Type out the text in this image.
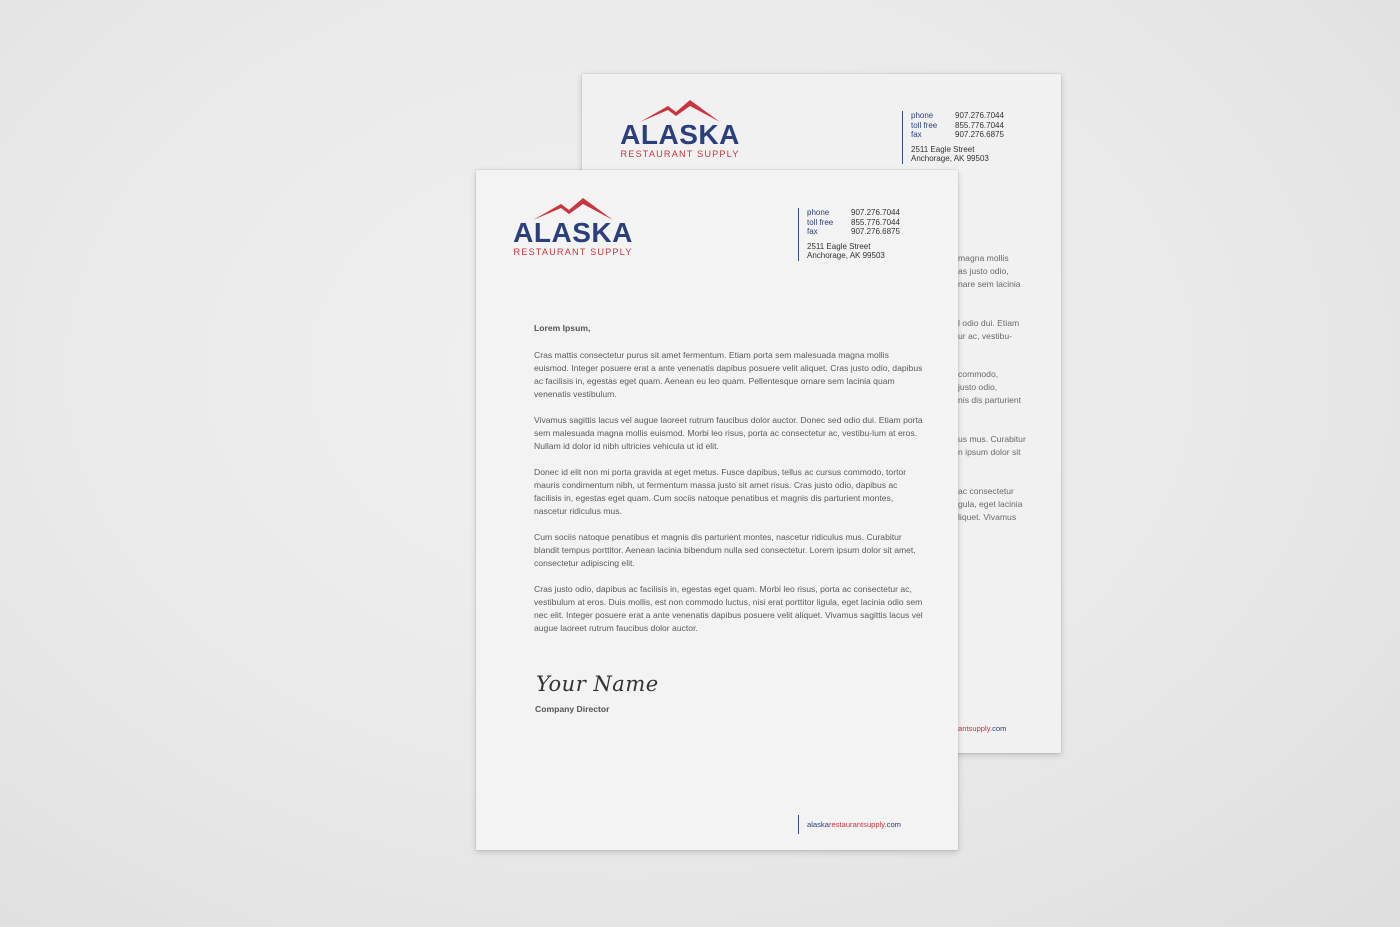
ALASKA
RESTAURANT SUPPLY
phone	907.276.7044
toll free	855.776.7044
fax	907.276.6875
2511 Eagle Street
Anchorage, AK 99503
magna mollis
as justo odio,
nare sem lacinia
l odio dui. Etiam
ur ac, vestibu-
commodo,
justo odio,
nis dis parturient
us mus. Curabitur
n ipsum dolor sit
ac consectetur
gula, eget lacinia
liquet. Vivamus
antsupply.com
ALASKA
RESTAURANT SUPPLY
phone	907.276.7044
toll free	855.776.7044
fax	907.276.6875
2511 Eagle Street
Anchorage, AK 99503
Lorem Ipsum,

Cras mattis consectetur purus sit amet fermentum. Etiam porta sem malesuada magna mollis euismod. Integer posuere erat a ante venenatis dapibus posuere velit aliquet. Cras justo odio, dapibus ac facilisis in, egestas eget quam. Aenean eu leo quam. Pellentesque ornare sem lacinia quam venenatis vestibulum.

Vivamus sagittis lacus vel augue laoreet rutrum faucibus dolor auctor. Donec sed odio dui. Etiam porta sem malesuada magna mollis euismod. Morbi leo risus, porta ac consectetur ac, vestibu-lum at eros. Nullam id dolor id nibh ultricies vehicula ut id elit.

Donec id elit non mi porta gravida at eget metus. Fusce dapibus, tellus ac cursus commodo, tortor mauris condimentum nibh, ut fermentum massa justo sit amet risus. Cras justo odio, dapibus ac facilisis in, egestas eget quam. Cum sociis natoque penatibus et magnis dis parturient montes, nascetur ridiculus mus.

Cum sociis natoque penatibus et magnis dis parturient montes, nascetur ridiculus mus. Curabitur blandit tempus porttitor. Aenean lacinia bibendum nulla sed consectetur. Lorem ipsum dolor sit amet, consectetur adipiscing elit.

Cras justo odio, dapibus ac facilisis in, egestas eget quam. Morbi leo risus, porta ac consectetur ac, vestibulum at eros. Duis mollis, est non commodo luctus, nisi erat porttitor ligula, eget lacinia odio sem nec elit. Integer posuere erat a ante venenatis dapibus posuere velit aliquet. Vivamus sagittis lacus vel augue laoreet rutrum faucibus dolor auctor.

Your Name
Company Director
alaskarestaurantsupply.com
